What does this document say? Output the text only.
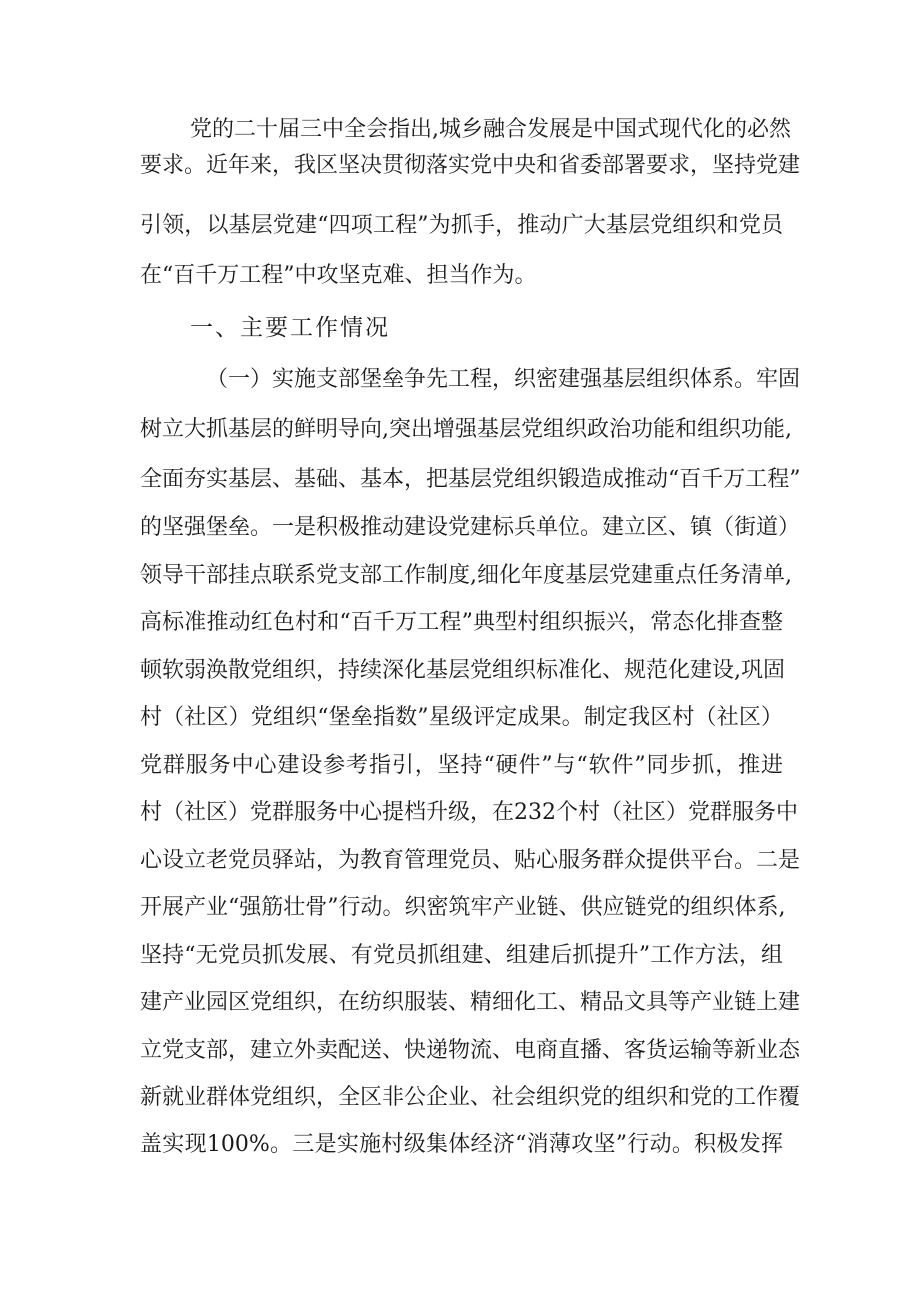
党的二十届三中全会指出,城乡融合发展是中国式现代化的必然
要求。近年来，我区坚决贯彻落实党中央和省委部署要求，坚持党建
引领，以基层党建“四项工程”为抓手，推动广大基层党组织和党员
在“百千万工程”中攻坚克难、担当作为。
一、主要工作情况
（一）实施支部堡垒争先工程，织密建强基层组织体系。牢固
树立大抓基层的鲜明导向,突出增强基层党组织政治功能和组织功能,
全面夯实基层、基础、基本，把基层党组织锻造成推动“百千万工程”
的坚强堡垒。一是积极推动建设党建标兵单位。建立区、镇（街道）
领导干部挂点联系党支部工作制度,细化年度基层党建重点任务清单,
高标准推动红色村和“百千万工程”典型村组织振兴，常态化排查整
顿软弱涣散党组织，持续深化基层党组织标准化、规范化建设,巩固
村（社区）党组织“堡垒指数”星级评定成果。制定我区村（社区）
党群服务中心建设参考指引，坚持“硬件”与“软件”同步抓，推进
村（社区）党群服务中心提档升级，在232个村（社区）党群服务中
心设立老党员驿站，为教育管理党员、贴心服务群众提供平台。二是
开展产业“强筋壮骨”行动。织密筑牢产业链、供应链党的组织体系,
坚持“无党员抓发展、有党员抓组建、组建后抓提升”工作方法，组
建产业园区党组织，在纺织服装、精细化工、精品文具等产业链上建
立党支部，建立外卖配送、快递物流、电商直播、客货运输等新业态
新就业群体党组织，全区非公企业、社会组织党的组织和党的工作覆
盖实现100%。三是实施村级集体经济“消薄攻坚”行动。积极发挥
